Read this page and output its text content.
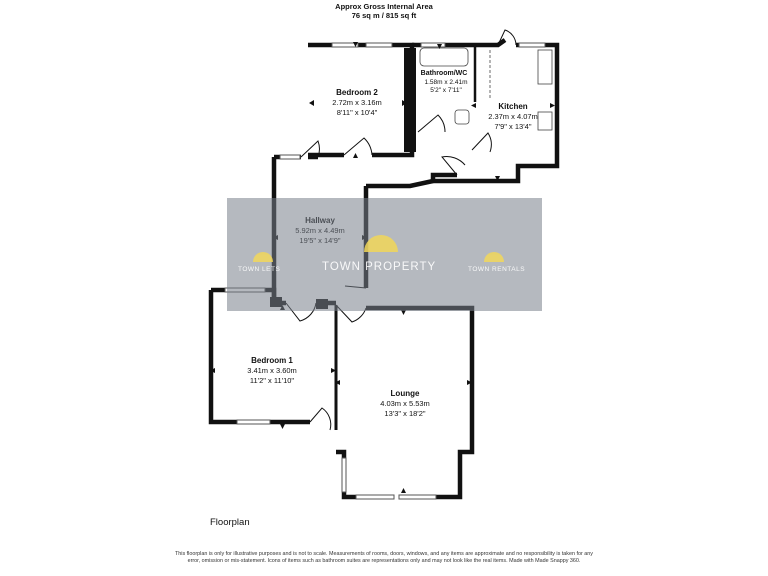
Approx Gross Internal Area
76 sq m / 815 sq ft
Bedroom 2
2.72m x 3.16m
8'11" x 10'4"
Bathroom/WC
1.58m x 2.41m
5'2" x 7'11"
Kitchen
2.37m x 4.07m
7'9" x 13'4"
Bedroom 1
3.41m x 3.60m
11'2" x 11'10"
Lounge
4.03m x 5.53m
13'3" x 18'2"
TOWN PROPERTY
TOWN LETS	TOWN RENTALS
Floorplan
This floorplan is only for illustrative purposes and is not to scale. Measurements of rooms, doors, windows, and any items are approximate and no responsibility is taken for any error, omission or mis-statement. Icons of items such as bathroom suites are representations only and may not look like the real items. Made with Made Snappy 360.
